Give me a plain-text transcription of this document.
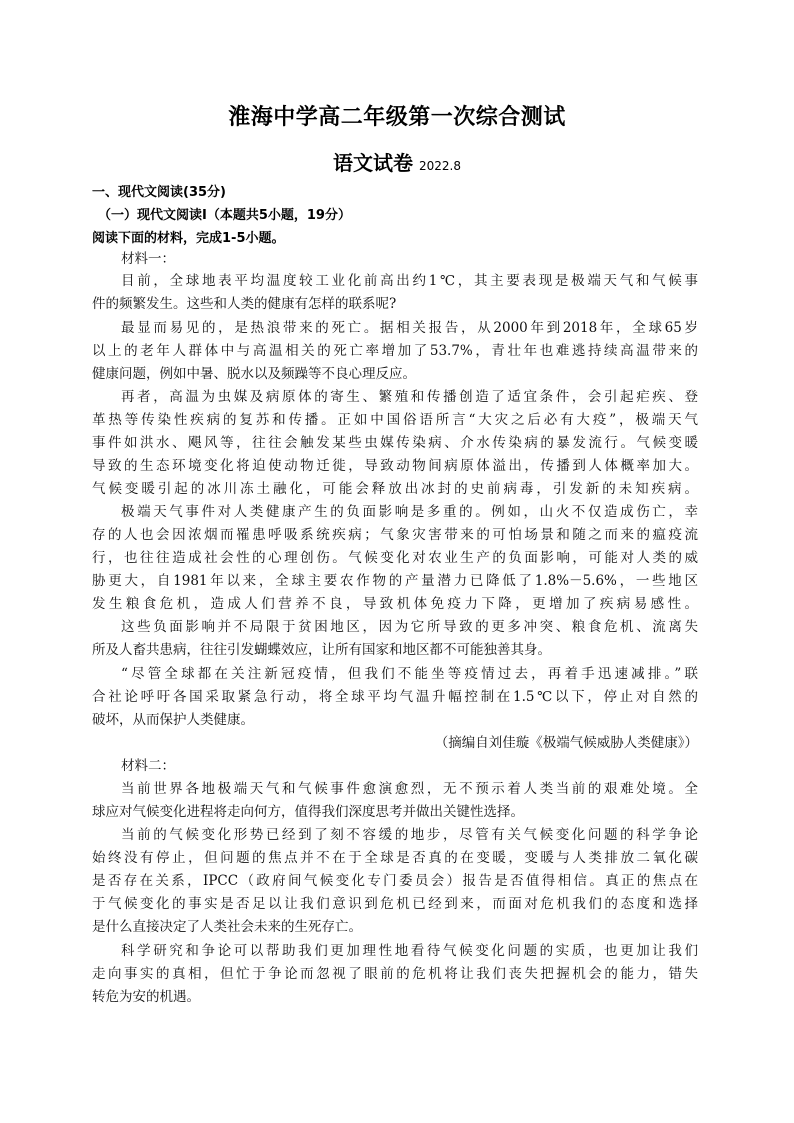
淮海中学高二年级第一次综合测试
语文试卷 2022.8
一、现代文阅读(35分)
（一）现代文阅读Ⅰ（本题共5小题，19分）
阅读下面的材料，完成1-5小题。
材料一：
目前，全球地表平均温度较工业化前高出约1℃，其主要表现是极端天气和气候事
件的频繁发生。这些和人类的健康有怎样的联系呢?
最显而易见的，是热浪带来的死亡。据相关报告，从2000年到2018年，全球65岁
以上的老年人群体中与高温相关的死亡率增加了53.7%，青壮年也难逃持续高温带来的
健康问题，例如中暑、脱水以及频躁等不良心理反应。
再者，高温为虫媒及病原体的寄生、繁殖和传播创造了适宜条件，会引起疟疾、登
革热等传染性疾病的复苏和传播。正如中国俗语所言“大灾之后必有大疫”，极端天气
事件如洪水、飓风等，往往会触发某些虫媒传染病、介水传染病的暴发流行。气候变暖
导致的生态环境变化将迫使动物迁徙，导致动物间病原体溢出，传播到人体概率加大。
气候变暖引起的冰川冻土融化，可能会释放出冰封的史前病毒，引发新的未知疾病。
极端天气事件对人类健康产生的负面影响是多重的。例如，山火不仅造成伤亡，幸
存的人也会因浓烟而罹患呼吸系统疾病；气象灾害带来的可怕场景和随之而来的瘟疫流
行，也往往造成社会性的心理创伤。气候变化对农业生产的负面影响，可能对人类的威
胁更大，自1981年以来，全球主要农作物的产量潜力已降低了1.8%－5.6%，一些地区
发生粮食危机，造成人们营养不良，导致机体免疫力下降，更增加了疾病易感性。
这些负面影响并不局限于贫困地区，因为它所导致的更多冲突、粮食危机、流离失
所及人畜共患病，往往引发蝴蝶效应，让所有国家和地区都不可能独善其身。
“尽管全球都在关注新冠疫情，但我们不能坐等疫情过去，再着手迅速减排。”联
合社论呼吁各国采取紧急行动，将全球平均气温升幅控制在1.5℃以下，停止对自然的
破坏，从而保护人类健康。
（摘编自刘佳璇《极端气候威胁人类健康》）
材料二：
当前世界各地极端天气和气候事件愈演愈烈，无不预示着人类当前的艰难处境。全
球应对气候变化进程将走向何方，值得我们深度思考并做出关键性选择。
当前的气候变化形势已经到了刻不容缓的地步，尽管有关气候变化问题的科学争论
始终没有停止，但问题的焦点并不在于全球是否真的在变暖，变暖与人类排放二氧化碳
是否存在关系，IPCC（政府间气候变化专门委员会）报告是否值得相信。真正的焦点在
于气候变化的事实是否足以让我们意识到危机已经到来，而面对危机我们的态度和选择
是什么直接决定了人类社会未来的生死存亡。
科学研究和争论可以帮助我们更加理性地看待气候变化问题的实质，也更加让我们
走向事实的真相，但忙于争论而忽视了眼前的危机将让我们丧失把握机会的能力，错失
转危为安的机遇。
